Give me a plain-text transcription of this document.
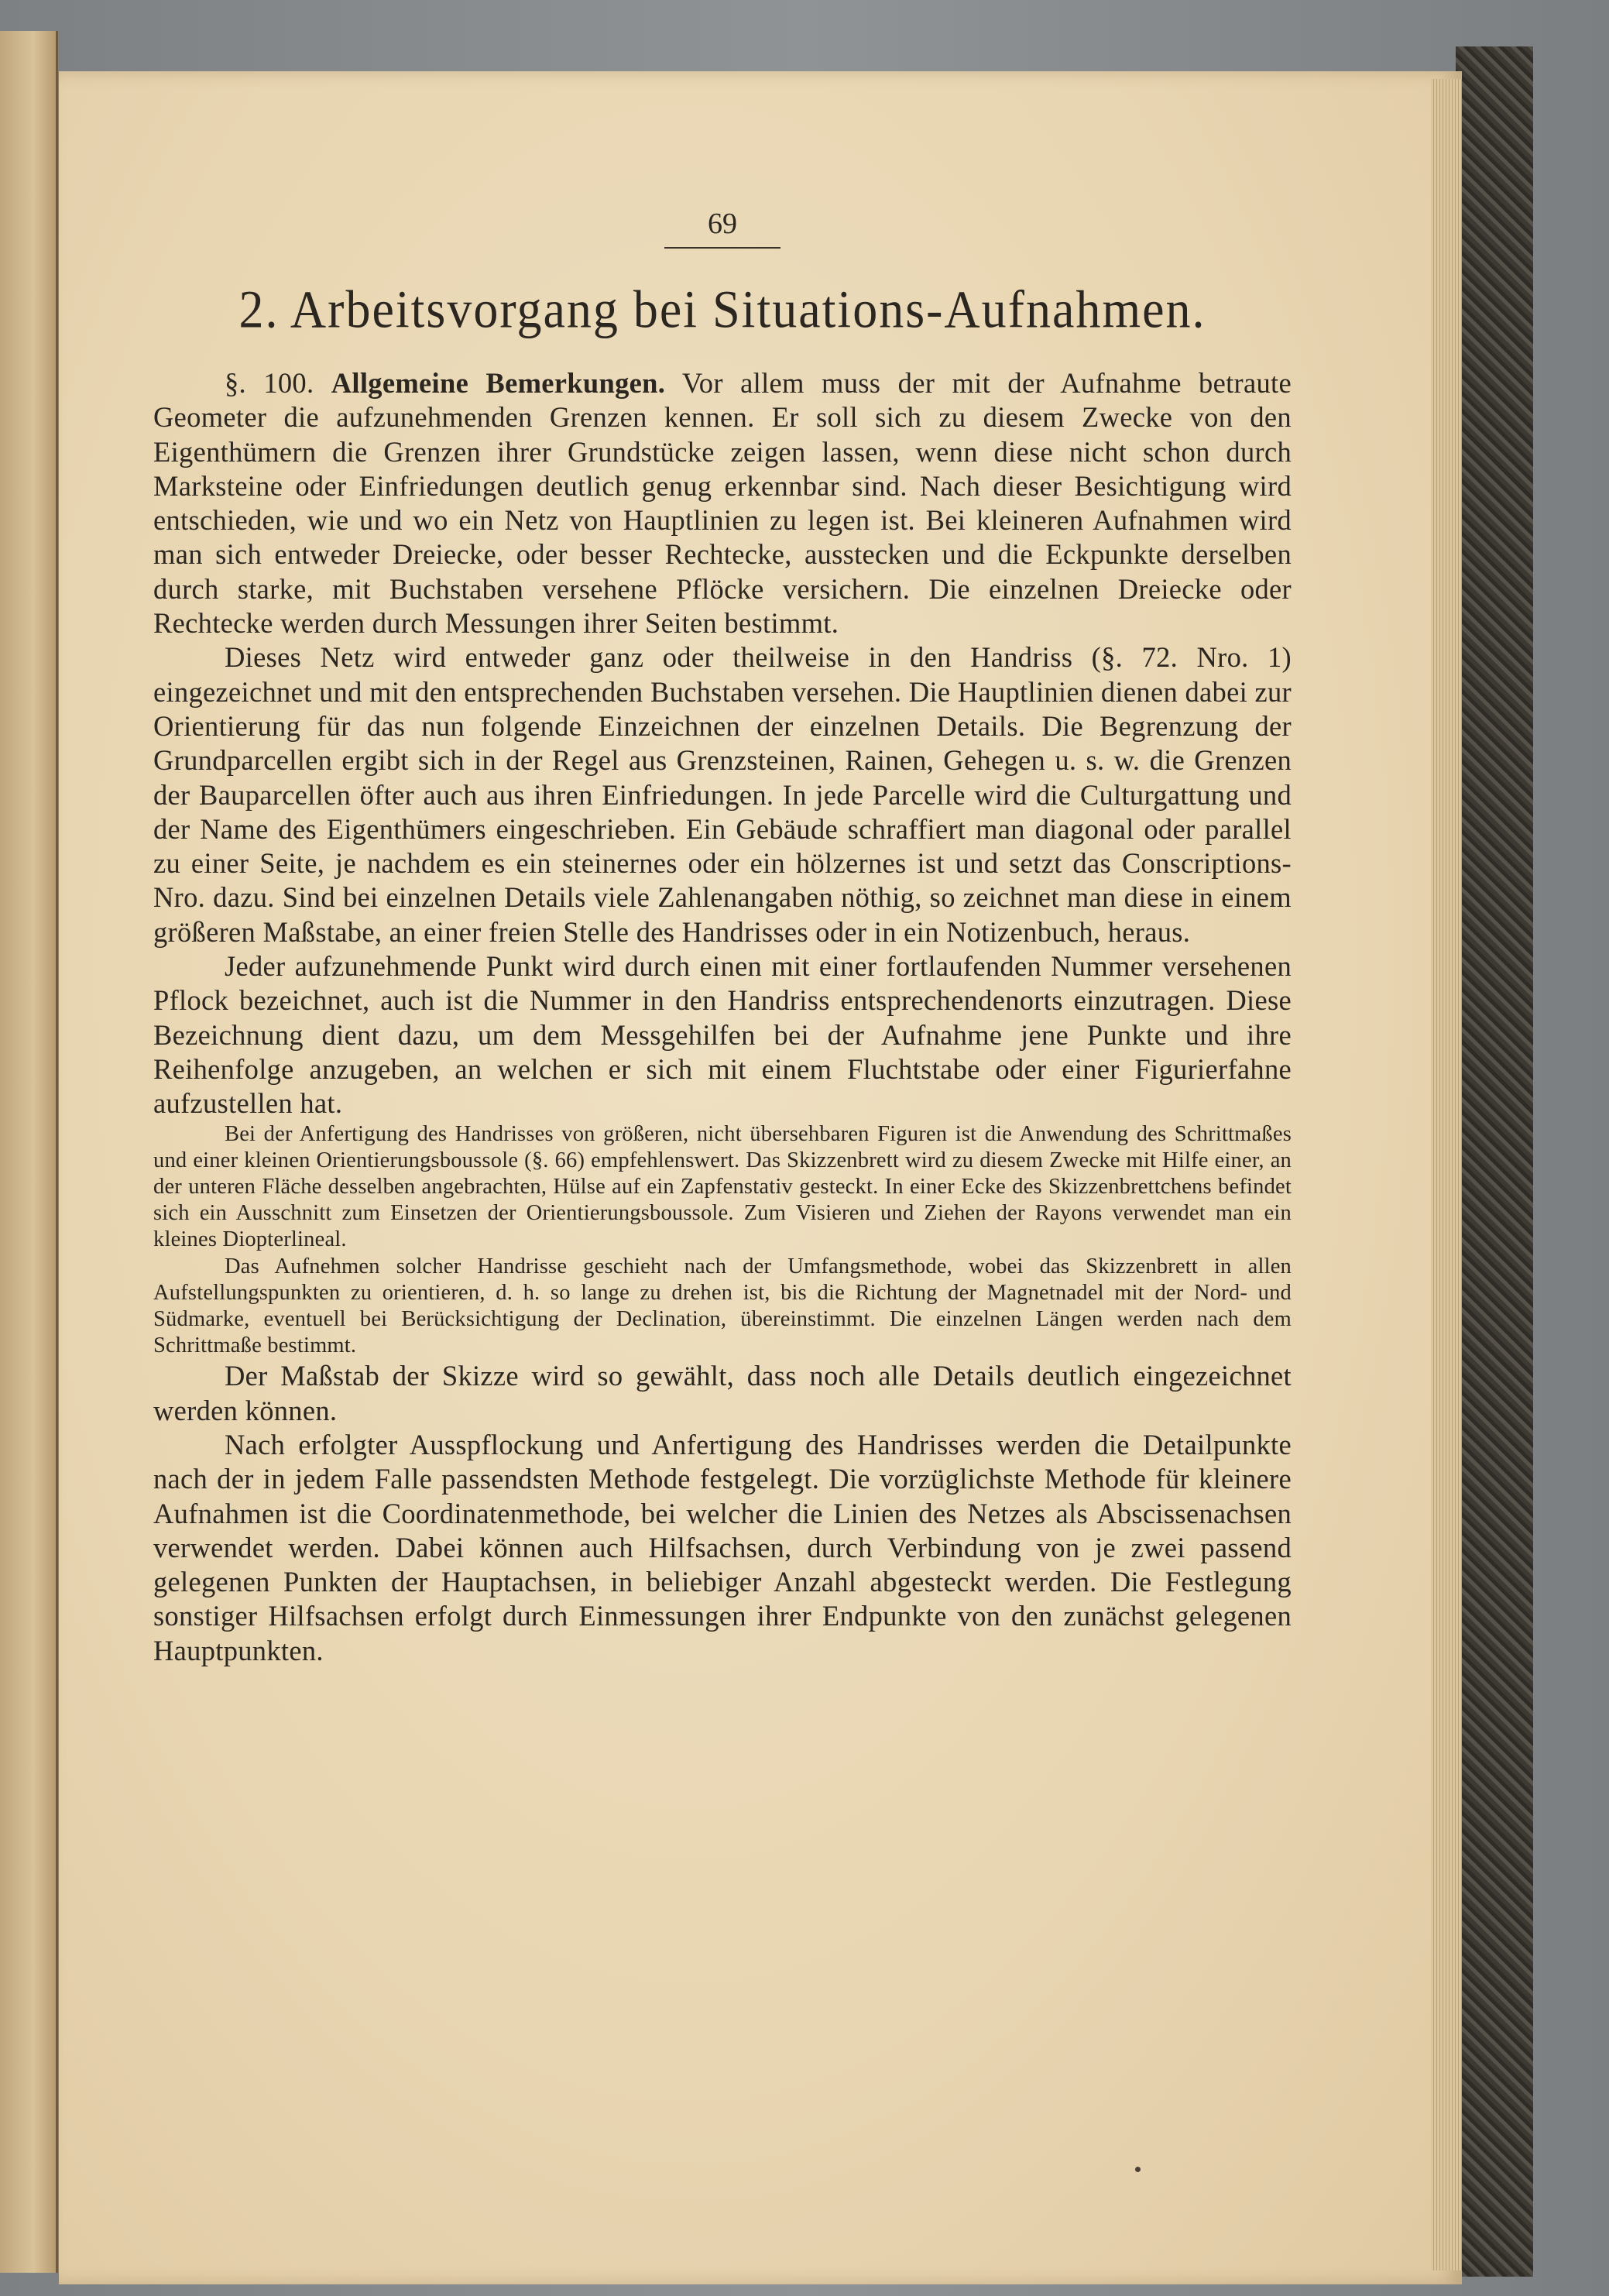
69
2. Arbeitsvorgang bei Situations-Aufnahmen.

§. 100. Allgemeine Bemerkungen. Vor allem muss der mit der Aufnahme betraute Geometer die aufzunehmenden Grenzen kennen. Er soll sich zu diesem Zwecke von den Eigenthümern die Grenzen ihrer Grundstücke zeigen lassen, wenn diese nicht schon durch Marksteine oder Einfriedungen deutlich genug erkennbar sind. Nach dieser Besichtigung wird entschieden, wie und wo ein Netz von Hauptlinien zu legen ist. Bei kleineren Aufnahmen wird man sich entweder Dreiecke, oder besser Rechtecke, ausstecken und die Eckpunkte derselben durch starke, mit Buchstaben versehene Pflöcke versichern. Die einzelnen Dreiecke oder Rechtecke werden durch Messungen ihrer Seiten bestimmt.

Dieses Netz wird entweder ganz oder theilweise in den Handriss (§. 72. Nro. 1) eingezeichnet und mit den entsprechenden Buchstaben versehen. Die Hauptlinien dienen dabei zur Orientierung für das nun folgende Einzeichnen der einzelnen Details. Die Begrenzung der Grundparcellen ergibt sich in der Regel aus Grenzsteinen, Rainen, Gehegen u. s. w. die Grenzen der Bauparcellen öfter auch aus ihren Einfriedungen. In jede Parcelle wird die Culturgattung und der Name des Eigenthümers eingeschrieben. Ein Gebäude schraffiert man diagonal oder parallel zu einer Seite, je nachdem es ein steinernes oder ein hölzernes ist und setzt das Conscriptions-Nro. dazu. Sind bei einzelnen Details viele Zahlenangaben nöthig, so zeichnet man diese in einem größeren Maßstabe, an einer freien Stelle des Handrisses oder in ein Notizenbuch, heraus.

Jeder aufzunehmende Punkt wird durch einen mit einer fortlaufenden Nummer versehenen Pflock bezeichnet, auch ist die Nummer in den Handriss entsprechendenorts einzutragen. Diese Bezeichnung dient dazu, um dem Messgehilfen bei der Aufnahme jene Punkte und ihre Reihenfolge anzugeben, an welchen er sich mit einem Fluchtstabe oder einer Figurierfahne aufzustellen hat.

Bei der Anfertigung des Handrisses von größeren, nicht übersehbaren Figuren ist die Anwendung des Schrittmaßes und einer kleinen Orientierungsboussole (§. 66) empfehlenswert. Das Skizzenbrett wird zu diesem Zwecke mit Hilfe einer, an der unteren Fläche desselben angebrachten, Hülse auf ein Zapfenstativ gesteckt. In einer Ecke des Skizzenbrettchens befindet sich ein Ausschnitt zum Einsetzen der Orientierungsboussole. Zum Visieren und Ziehen der Rayons verwendet man ein kleines Diopterlineal.

Das Aufnehmen solcher Handrisse geschieht nach der Umfangsmethode, wobei das Skizzenbrett in allen Aufstellungspunkten zu orientieren, d. h. so lange zu drehen ist, bis die Richtung der Magnetnadel mit der Nord- und Südmarke, eventuell bei Berücksichtigung der Declination, übereinstimmt. Die einzelnen Längen werden nach dem Schrittmaße bestimmt.

Der Maßstab der Skizze wird so gewählt, dass noch alle Details deutlich eingezeichnet werden können.

Nach erfolgter Ausspflockung und Anfertigung des Handrisses werden die Detailpunkte nach der in jedem Falle passendsten Methode festgelegt. Die vorzüglichste Methode für kleinere Aufnahmen ist die Coordinatenmethode, bei welcher die Linien des Netzes als Abscissenachsen verwendet werden. Dabei können auch Hilfsachsen, durch Verbindung von je zwei passend gelegenen Punkten der Hauptachsen, in beliebiger Anzahl abgesteckt werden. Die Festlegung sonstiger Hilfsachsen erfolgt durch Einmessungen ihrer Endpunkte von den zunächst gelegenen Hauptpunkten.
